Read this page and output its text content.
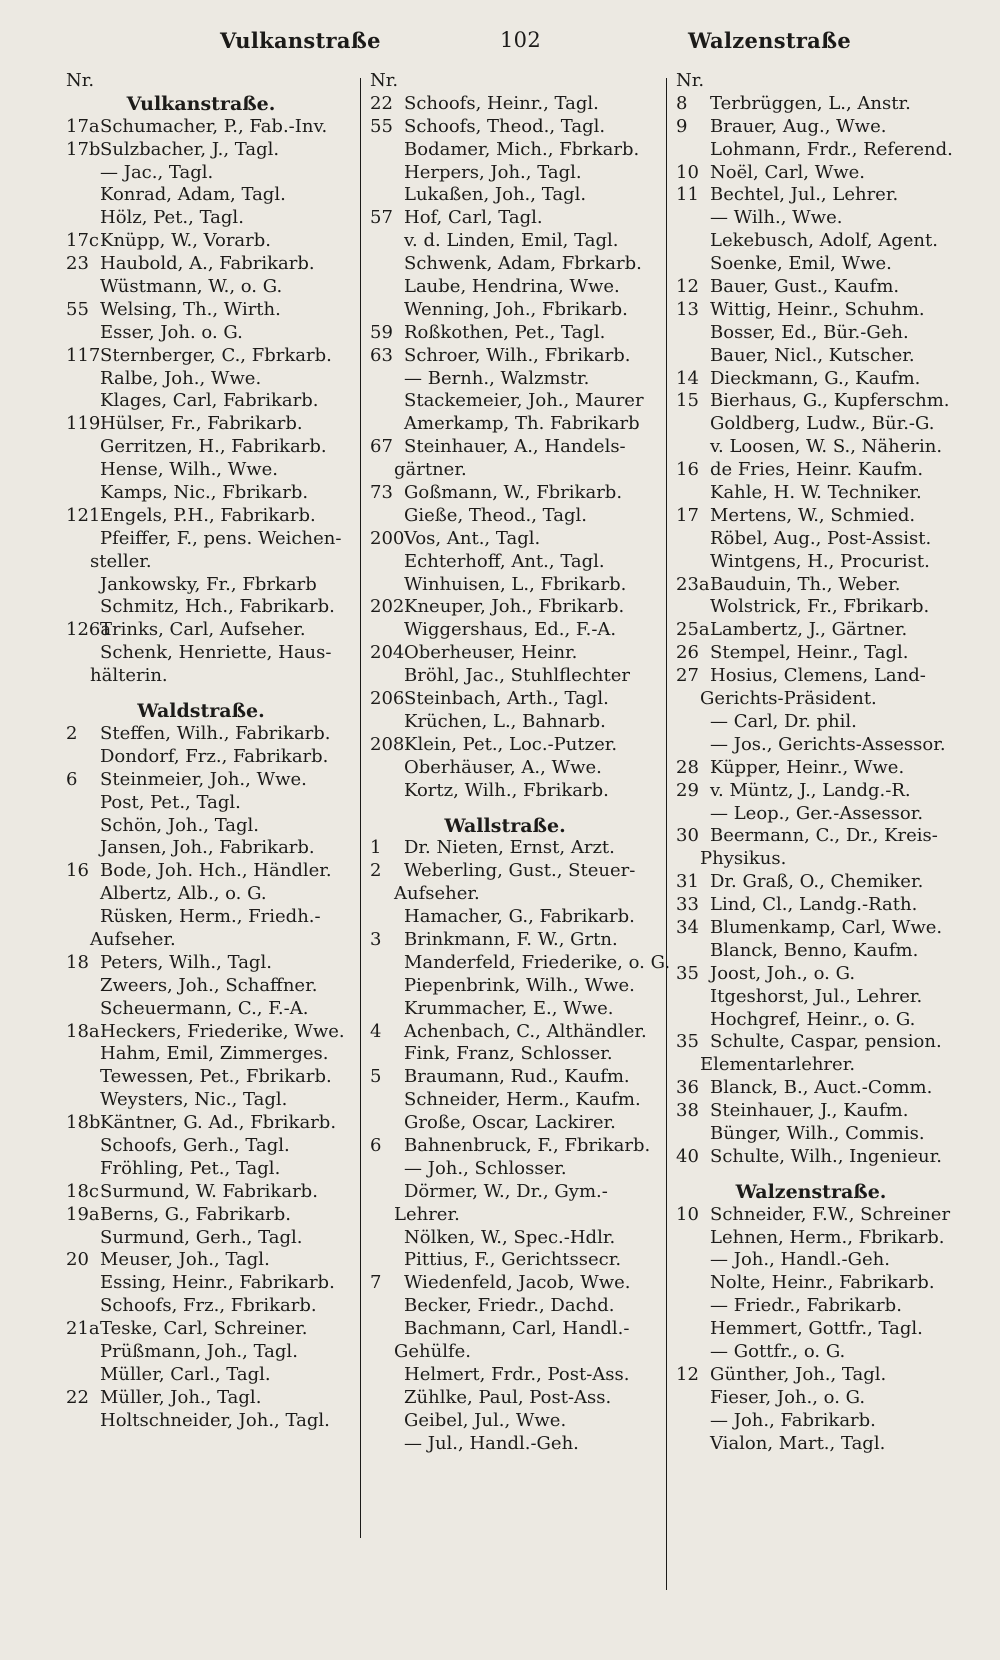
Vulkanstraße	102	Walzenstraße
Nr.
Vulkanstraße.
17aSchumacher, P., Fab.-Inv.
17bSulzbacher, J., Tagl.
— Jac., Tagl.
Konrad, Adam, Tagl.
Hölz, Pet., Tagl.
17cKnüpp, W., Vorarb.
23 Haubold, A., Fabrikarb.
Wüstmann, W., o. G.
55 Welsing, Th., Wirth.
Esser, Joh. o. G.
117Sternberger, C., Fbrkarb.
Ralbe, Joh., Wwe.
Klages, Carl, Fabrikarb.
119Hülser, Fr., Fabrikarb.
Gerritzen, H., Fabrikarb.
Hense, Wilh., Wwe.
Kamps, Nic., Fbrikarb.
121Engels, P.H., Fabrikarb.
Pfeiffer, F., pens. Weichen-
steller.
Jankowsky, Fr., Fbrkarb
Schmitz, Hch., Fabrikarb.
126aTrinks, Carl, Aufseher.
Schenk, Henriette, Haus-
hälterin.
Waldstraße.
2 Steffen, Wilh., Fabrikarb.
Dondorf, Frz., Fabrikarb.
6 Steinmeier, Joh., Wwe.
Post, Pet., Tagl.
Schön, Joh., Tagl.
Jansen, Joh., Fabrikarb.
16 Bode, Joh. Hch., Händler.
Albertz, Alb., o. G.
Rüsken, Herm., Friedh.-
Aufseher.
18 Peters, Wilh., Tagl.
Zweers, Joh., Schaffner.
Scheuermann, C., F.-A.
18aHeckers, Friederike, Wwe.
Hahm, Emil, Zimmerges.
Tewessen, Pet., Fbrikarb.
Weysters, Nic., Tagl.
18bKäntner, G. Ad., Fbrikarb.
Schoofs, Gerh., Tagl.
Fröhling, Pet., Tagl.
18cSurmund, W. Fabrikarb.
19aBerns, G., Fabrikarb.
Surmund, Gerh., Tagl.
20 Meuser, Joh., Tagl.
Essing, Heinr., Fabrikarb.
Schoofs, Frz., Fbrikarb.
21aTeske, Carl, Schreiner.
Prüßmann, Joh., Tagl.
Müller, Carl., Tagl.
22 Müller, Joh., Tagl.
Holtschneider, Joh., Tagl.
Nr.
22 Schoofs, Heinr., Tagl.
55 Schoofs, Theod., Tagl.
Bodamer, Mich., Fbrkarb.
Herpers, Joh., Tagl.
Lukaßen, Joh., Tagl.
57 Hof, Carl, Tagl.
v. d. Linden, Emil, Tagl.
Schwenk, Adam, Fbrkarb.
Laube, Hendrina, Wwe.
Wenning, Joh., Fbrikarb.
59 Roßkothen, Pet., Tagl.
63 Schroer, Wilh., Fbrikarb.
— Bernh., Walzmstr.
Stackemeier, Joh., Maurer
Amerkamp, Th. Fabrikarb
67 Steinhauer, A., Handels-
gärtner.
73 Goßmann, W., Fbrikarb.
Gieße, Theod., Tagl.
200Vos, Ant., Tagl.
Echterhoff, Ant., Tagl.
Winhuisen, L., Fbrikarb.
202Kneuper, Joh., Fbrikarb.
Wiggershaus, Ed., F.-A.
204Oberheuser, Heinr.
Bröhl, Jac., Stuhlflechter
206Steinbach, Arth., Tagl.
Krüchen, L., Bahnarb.
208Klein, Pet., Loc.-Putzer.
Oberhäuser, A., Wwe.
Kortz, Wilh., Fbrikarb.
Wallstraße.
1 Dr. Nieten, Ernst, Arzt.
2 Weberling, Gust., Steuer-
Aufseher.
Hamacher, G., Fabrikarb.
3 Brinkmann, F. W., Grtn.
Manderfeld, Friederike, o. G.
Piepenbrink, Wilh., Wwe.
Krummacher, E., Wwe.
4 Achenbach, C., Althändler.
Fink, Franz, Schlosser.
5 Braumann, Rud., Kaufm.
Schneider, Herm., Kaufm.
Große, Oscar, Lackirer.
6 Bahnenbruck, F., Fbrikarb.
— Joh., Schlosser.
Dörmer, W., Dr., Gym.-
Lehrer.
Nölken, W., Spec.-Hdlr.
Pittius, F., Gerichtssecr.
7 Wiedenfeld, Jacob, Wwe.
Becker, Friedr., Dachd.
Bachmann, Carl, Handl.-
Gehülfe.
Helmert, Frdr., Post-Ass.
Zühlke, Paul, Post-Ass.
Geibel, Jul., Wwe.
— Jul., Handl.-Geh.
Nr.
8 Terbrüggen, L., Anstr.
9 Brauer, Aug., Wwe.
Lohmann, Frdr., Referend.
10 Noël, Carl, Wwe.
11 Bechtel, Jul., Lehrer.
— Wilh., Wwe.
Lekebusch, Adolf, Agent.
Soenke, Emil, Wwe.
12 Bauer, Gust., Kaufm.
13 Wittig, Heinr., Schuhm.
Bosser, Ed., Bür.-Geh.
Bauer, Nicl., Kutscher.
14 Dieckmann, G., Kaufm.
15 Bierhaus, G., Kupferschm.
Goldberg, Ludw., Bür.-G.
v. Loosen, W. S., Näherin.
16 de Fries, Heinr. Kaufm.
Kahle, H. W. Techniker.
17 Mertens, W., Schmied.
Röbel, Aug., Post-Assist.
Wintgens, H., Procurist.
23aBauduin, Th., Weber.
Wolstrick, Fr., Fbrikarb.
25aLambertz, J., Gärtner.
26 Stempel, Heinr., Tagl.
27 Hosius, Clemens, Land-
Gerichts-Präsident.
— Carl, Dr. phil.
— Jos., Gerichts-Assessor.
28 Küpper, Heinr., Wwe.
29 v. Müntz, J., Landg.-R.
— Leop., Ger.-Assessor.
30 Beermann, C., Dr., Kreis-
Physikus.
31 Dr. Graß, O., Chemiker.
33 Lind, Cl., Landg.-Rath.
34 Blumenkamp, Carl, Wwe.
Blanck, Benno, Kaufm.
35 Joost, Joh., o. G.
Itgeshorst, Jul., Lehrer.
Hochgref, Heinr., o. G.
35 Schulte, Caspar, pension.
Elementarlehrer.
36 Blanck, B., Auct.-Comm.
38 Steinhauer, J., Kaufm.
Bünger, Wilh., Commis.
40 Schulte, Wilh., Ingenieur.
Walzenstraße.
10 Schneider, F.W., Schreiner
Lehnen, Herm., Fbrikarb.
— Joh., Handl.-Geh.
Nolte, Heinr., Fabrikarb.
— Friedr., Fabrikarb.
Hemmert, Gottfr., Tagl.
— Gottfr., o. G.
12 Günther, Joh., Tagl.
Fieser, Joh., o. G.
— Joh., Fabrikarb.
Vialon, Mart., Tagl.
